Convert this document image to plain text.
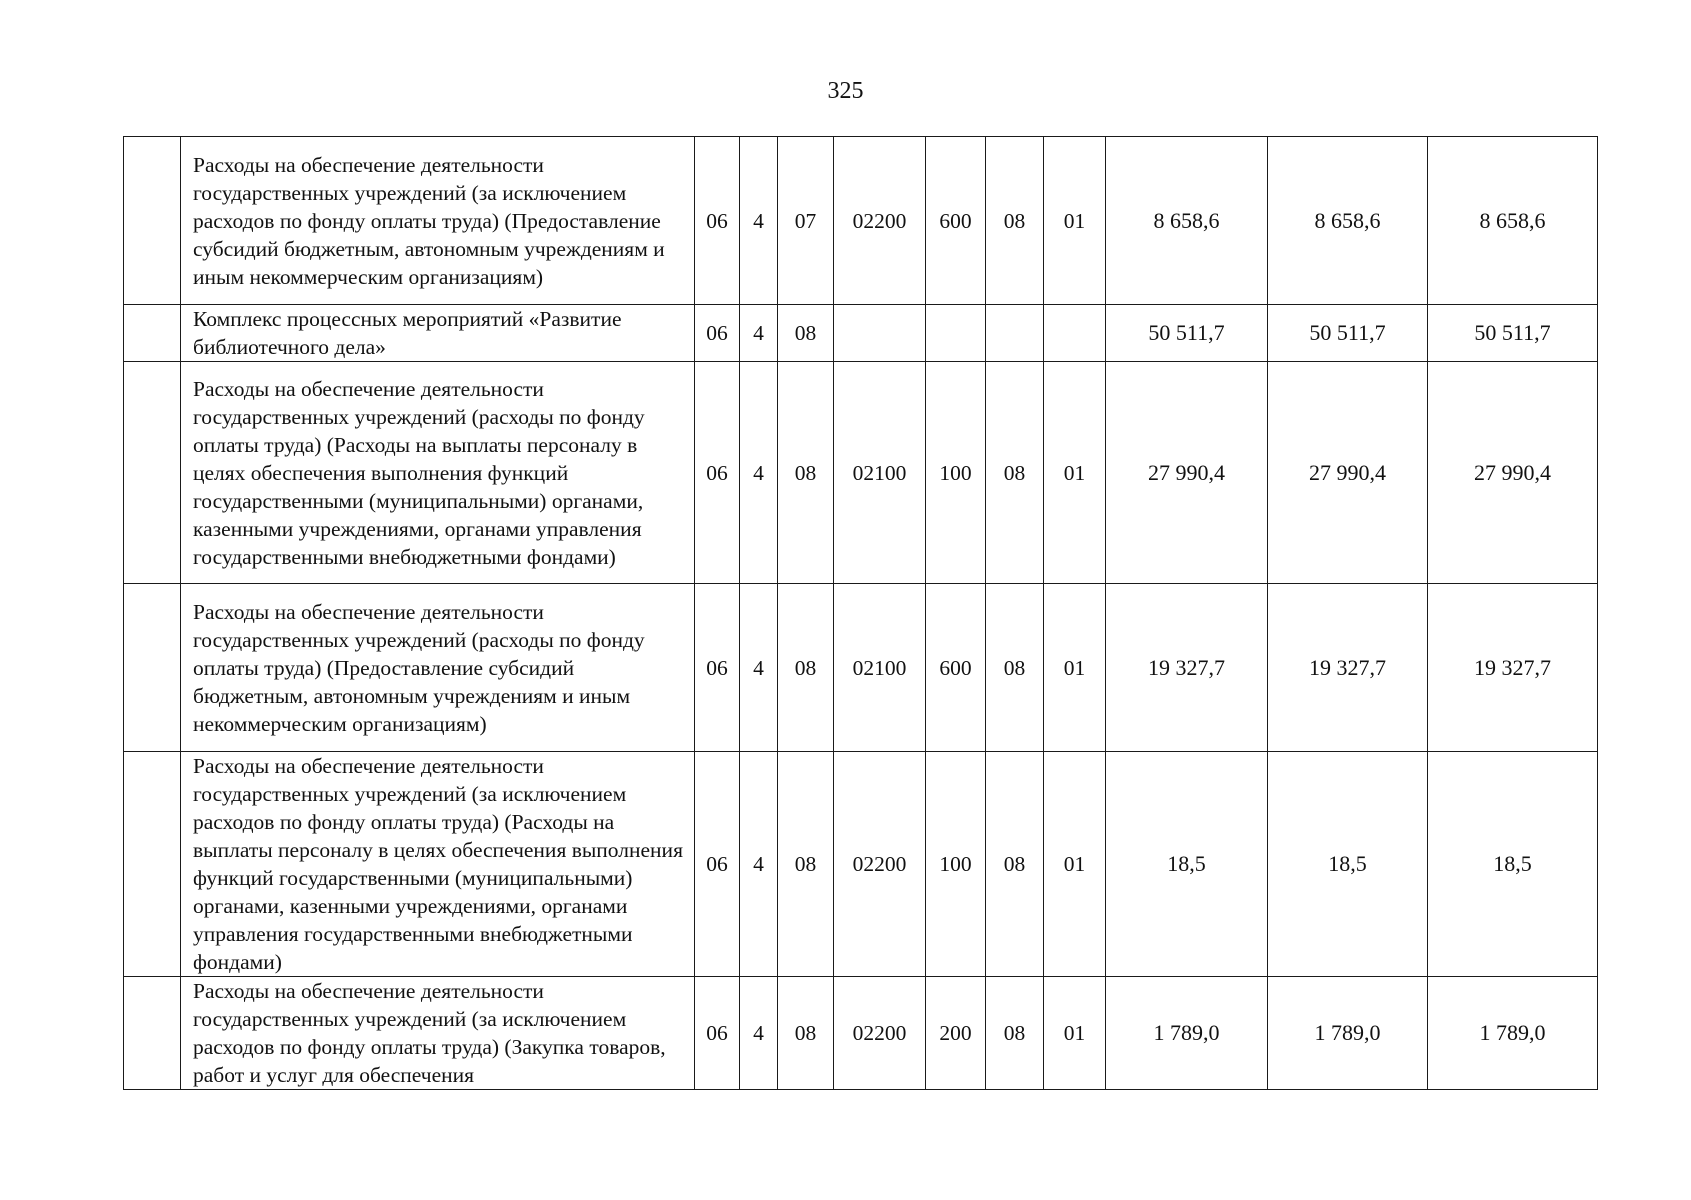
325
	Расходы на обеспечение деятельности государственных учреждений (за исключением расходов по фонду оплаты труда) (Предоставление субсидий бюджетным, автономным учреждениям и иным некоммерческим организациям)	06	4	07	02200	600	08	01	8 658,6	8 658,6	8 658,6
	Комплекс процессных мероприятий «Развитие библиотечного дела»	06	4	08					50 511,7	50 511,7	50 511,7
	Расходы на обеспечение деятельности государственных учреждений (расходы по фонду оплаты труда) (Расходы на выплаты персоналу в целях обеспечения выполнения функций государственными (муниципальными) органами, казенными учреждениями, органами управления государственными внебюджетными фондами)	06	4	08	02100	100	08	01	27 990,4	27 990,4	27 990,4
	Расходы на обеспечение деятельности государственных учреждений (расходы по фонду оплаты труда) (Предоставление субсидий бюджетным, автономным учреждениям и иным некоммерческим организациям)	06	4	08	02100	600	08	01	19 327,7	19 327,7	19 327,7
	Расходы на обеспечение деятельности государственных учреждений (за исключением расходов по фонду оплаты труда) (Расходы на выплаты персоналу в целях обеспечения выполнения функций государственными (муниципальными) органами, казенными учреждениями, органами управления государственными внебюджетными фондами)	06	4	08	02200	100	08	01	18,5	18,5	18,5
	Расходы на обеспечение деятельности государственных учреждений (за исключением расходов по фонду оплаты труда) (Закупка товаров, работ и услуг для обеспечения	06	4	08	02200	200	08	01	1 789,0	1 789,0	1 789,0
